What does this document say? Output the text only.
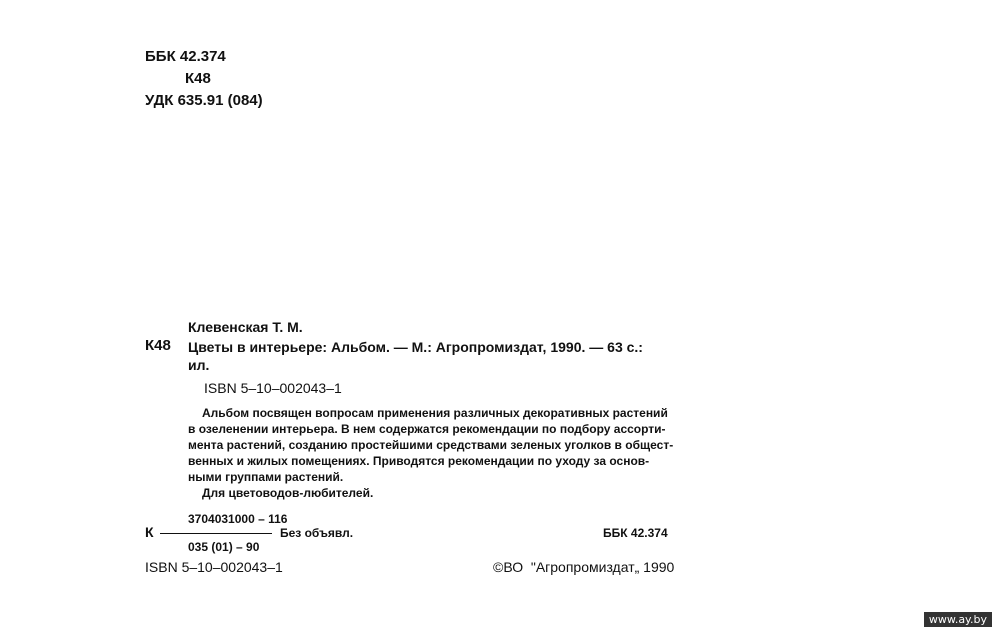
ББК 42.374
К48
УДК 635.91 (084)
Клевенская Т. М.
К48 Цветы в интерьере: Альбом. — М.: Агропромиздат, 1990. — 63 с.:
ил.
ISBN 5–10–002043–1
Альбом посвящен вопросам применения различных декоративных растений
в озеленении интерьера. В нем содержатся рекомендации по подбору ассорти-
мента растений, созданию простейшими средствами зеленых уголков в общест-
венных и жилых помещениях. Приводятся рекомендации по уходу за основ-
ными группами растений.
Для цветоводов-любителей.
3704031000 – 116
К	Без объявл.
035 (01) – 90
ББК 42.374
ISBN 5–10–002043–1	©ВО  "Агропромиздат„ 1990
www.ay.by
